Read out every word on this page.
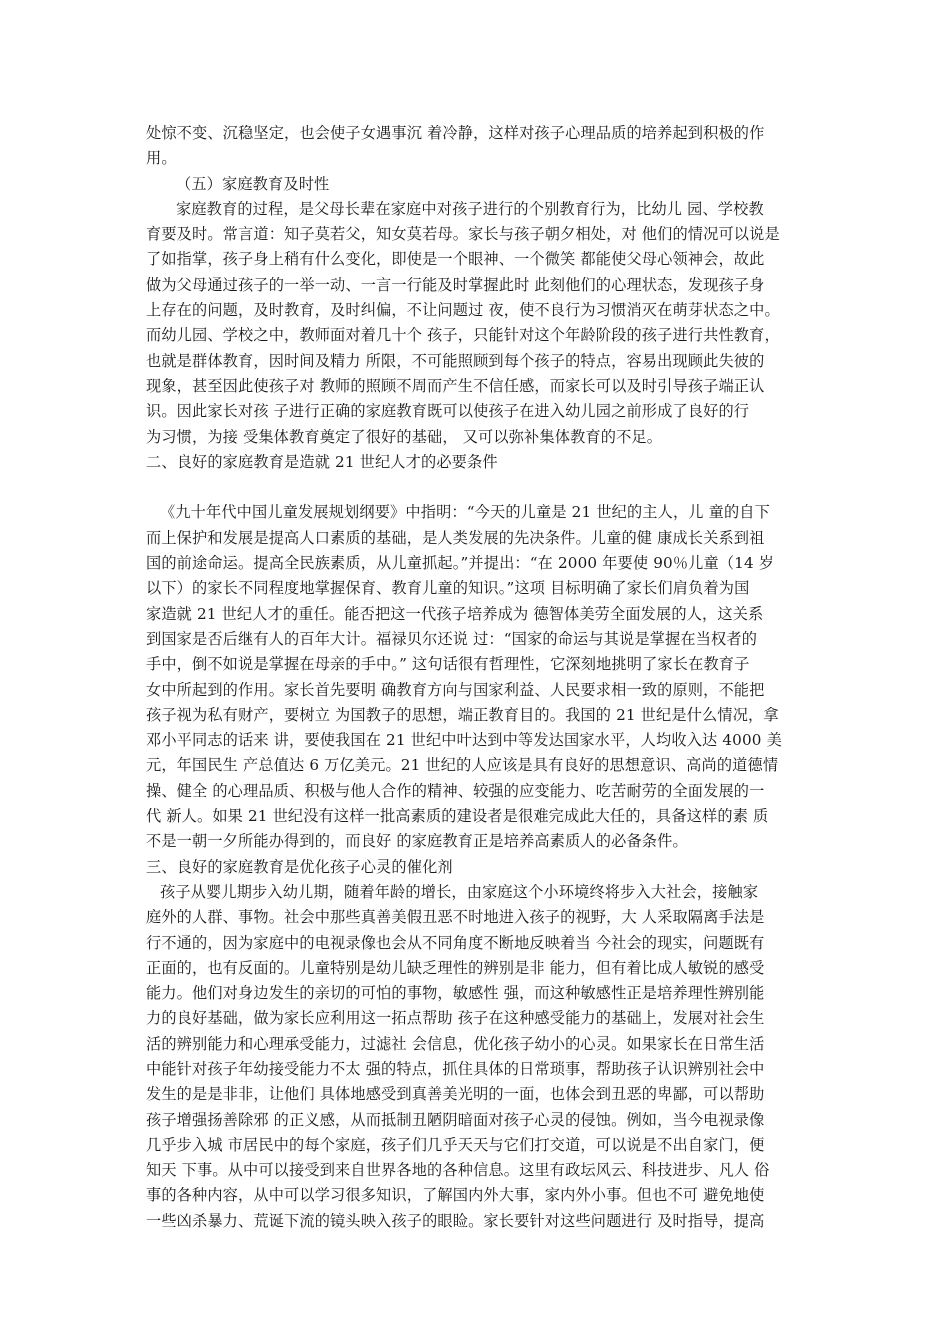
处惊不变、沉稳坚定，也会使子女遇事沉 着冷静，这样对孩子心理品质的培养起到积极的作
用。
（五）家庭教育及时性
家庭教育的过程，是父母长辈在家庭中对孩子进行的个别教育行为，比幼儿 园、学校教
育要及时。常言道：知子莫若父，知女莫若母。家长与孩子朝夕相处，对 他们的情况可以说是
了如指掌，孩子身上稍有什么变化，即使是一个眼神、一个微笑 都能使父母心领神会，故此
做为父母通过孩子的一举一动、一言一行能及时掌握此时 此刻他们的心理状态，发现孩子身
上存在的问题，及时教育，及时纠偏，不让问题过 夜，使不良行为习惯消灭在萌芽状态之中。
而幼儿园、学校之中，教师面对着几十个 孩子，只能针对这个年龄阶段的孩子进行共性教育，
也就是群体教育，因时间及精力 所限，不可能照顾到每个孩子的特点，容易出现顾此失彼的
现象，甚至因此使孩子对 教师的照顾不周而产生不信任感，而家长可以及时引导孩子端正认
识。因此家长对孩 子进行正确的家庭教育既可以使孩子在进入幼儿园之前形成了良好的行
为习惯，为接 受集体教育奠定了很好的基础， 又可以弥补集体教育的不足。
二、良好的家庭教育是造就 21 世纪人才的必要条件
《九十年代中国儿童发展规划纲要》中指明：“今天的儿童是 21 世纪的主人，儿 童的自下
而上保护和发展是提高人口素质的基础，是人类发展的先决条件。儿童的健 康成长关系到祖
国的前途命运。提高全民族素质，从儿童抓起。”并提出：“在 2000 年要使 90％儿童（14 岁
以下）的家长不同程度地掌握保育、教育儿童的知识。”这项 目标明确了家长们肩负着为国
家造就 21 世纪人才的重任。能否把这一代孩子培养成为 德智体美劳全面发展的人，这关系
到国家是否后继有人的百年大计。福禄贝尔还说 过：“国家的命运与其说是掌握在当权者的
手中，倒不如说是掌握在母亲的手中。” 这句话很有哲理性，它深刻地挑明了家长在教育子
女中所起到的作用。家长首先要明 确教育方向与国家利益、人民要求相一致的原则，不能把
孩子视为私有财产，要树立 为国教子的思想，端正教育目的。我国的 21 世纪是什么情况，拿
邓小平同志的话来 讲，要使我国在 21 世纪中叶达到中等发达国家水平，人均收入达 4000 美
元，年国民生 产总值达 6 万亿美元。21 世纪的人应该是具有良好的思想意识、高尚的道德情
操、健全 的心理品质、积极与他人合作的精神、较强的应变能力、吃苦耐劳的全面发展的一
代 新人。如果 21 世纪没有这样一批高素质的建设者是很难完成此大任的，具备这样的素 质
不是一朝一夕所能办得到的，而良好 的家庭教育正是培养高素质人的必备条件。
三、良好的家庭教育是优化孩子心灵的催化剂
孩子从婴儿期步入幼儿期，随着年龄的增长，由家庭这个小环境终将步入大社会，接触家
庭外的人群、事物。社会中那些真善美假丑恶不时地进入孩子的视野，大 人采取隔离手法是
行不通的，因为家庭中的电视录像也会从不同角度不断地反映着当 今社会的现实，问题既有
正面的，也有反面的。儿童特别是幼儿缺乏理性的辨别是非 能力，但有着比成人敏锐的感受
能力。他们对身边发生的亲切的可怕的事物，敏感性 强，而这种敏感性正是培养理性辨别能
力的良好基础，做为家长应利用这一拓点帮助 孩子在这种感受能力的基础上，发展对社会生
活的辨别能力和心理承受能力，过滤社 会信息，优化孩子幼小的心灵。如果家长在日常生活
中能针对孩子年幼接受能力不太 强的特点，抓住具体的日常琐事，帮助孩子认识辨别社会中
发生的是是非非，让他们 具体地感受到真善美光明的一面，也体会到丑恶的卑鄙，可以帮助
孩子增强扬善除邪 的正义感，从而抵制丑陋阴暗面对孩子心灵的侵蚀。例如，当今电视录像
几乎步入城 市居民中的每个家庭，孩子们几乎天天与它们打交道，可以说是不出自家门，便
知天 下事。从中可以接受到来自世界各地的各种信息。这里有政坛风云、科技进步、凡人 俗
事的各种内容，从中可以学习很多知识，了解国内外大事，家内外小事。但也不可 避免地使
一些凶杀暴力、荒诞下流的镜头映入孩子的眼睑。家长要针对这些问题进行 及时指导，提高
